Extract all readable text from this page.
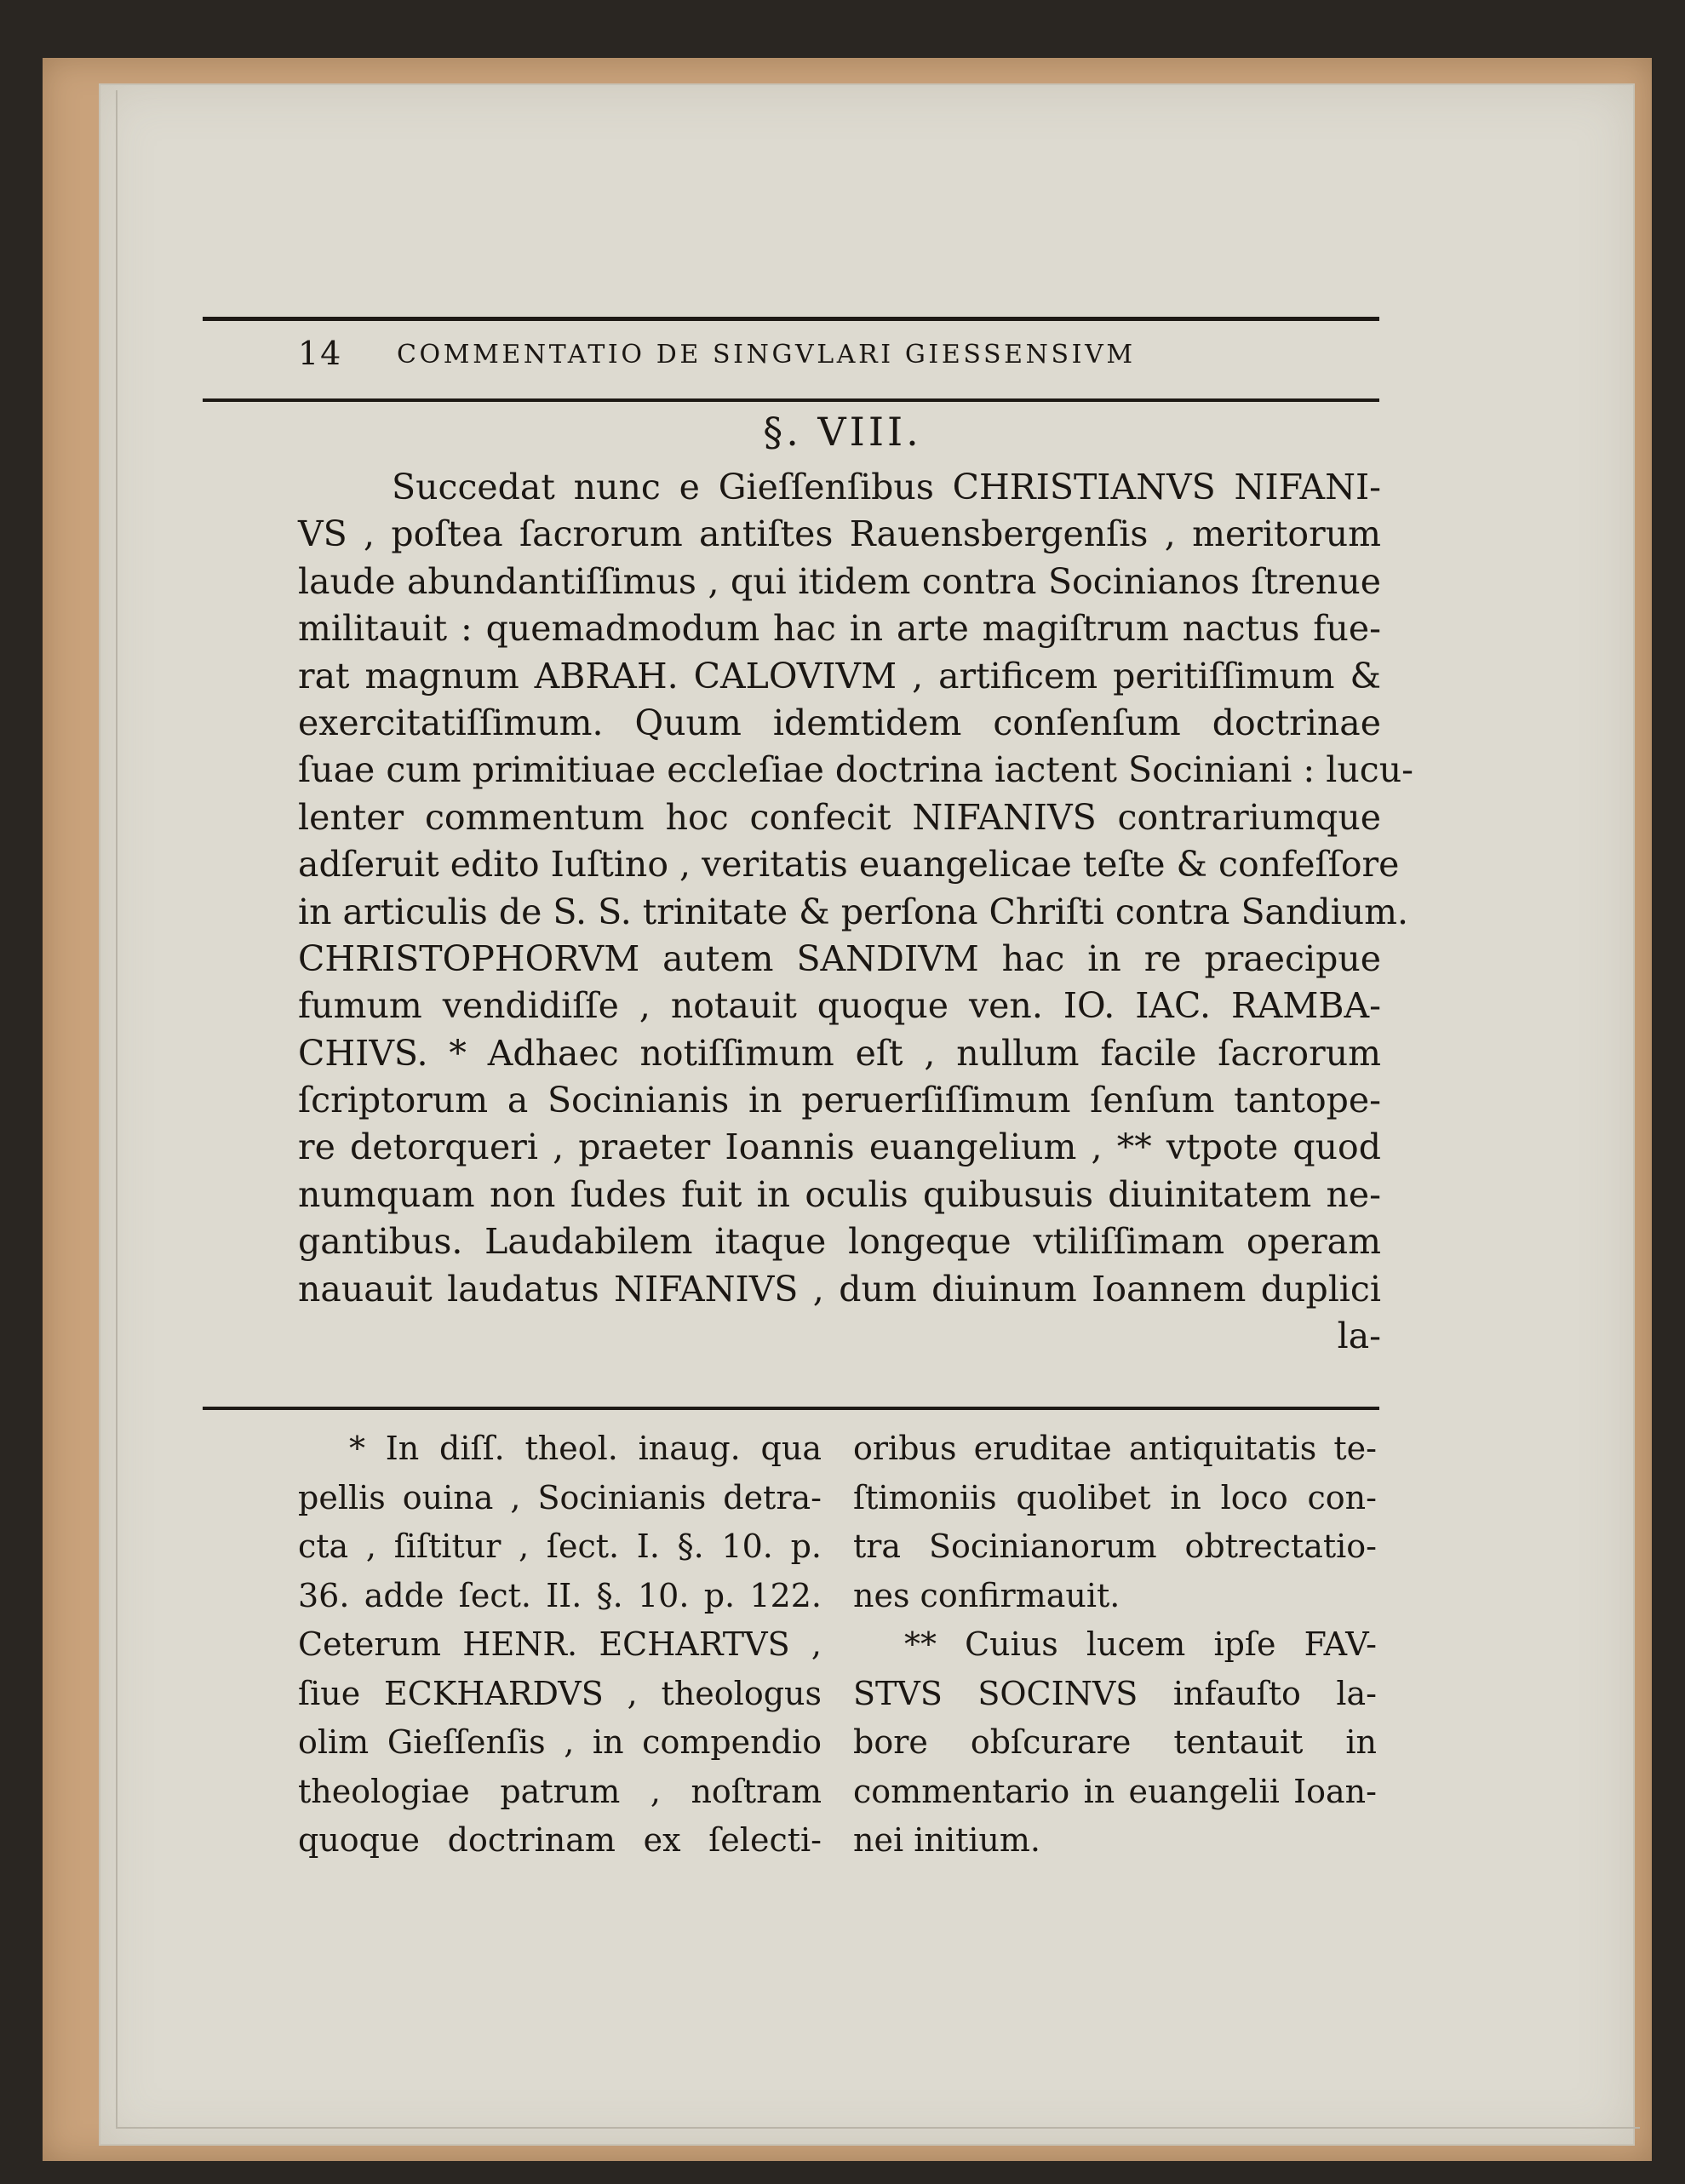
14 COMMENTATIO DE SINGVLARI GIESSENSIVM
§. VIII.
Succedat nunc e Gieſſenſibus CHRISTIANVS NIFANI-
VS , poſtea ſacrorum antiſtes Rauensbergenſis , meritorum
laude abundantiſſimus , qui itidem contra Socinianos ſtrenue
militauit : quemadmodum hac in arte magiſtrum nactus fue-
rat magnum ABRAH. CALOVIVM , artificem peritiſſimum &
exercitatiſſimum. Quum idemtidem conſenſum doctrinae
ſuae cum primitiuae eccleſiae doctrina iactent Sociniani : lucu-
lenter commentum hoc confecit NIFANIVS contrariumque
adſeruit edito Iuſtino , veritatis euangelicae teſte & confeſſore
in articulis de S. S. trinitate & perſona Chriſti contra Sandium.
CHRISTOPHORVM autem SANDIVM hac in re praecipue
fumum vendidiſſe , notauit quoque ven. IO. IAC. RAMBA-
CHIVS. * Adhaec notiſſimum eſt , nullum facile ſacrorum
ſcriptorum a Socinianis in peruerſiſſimum ſenſum tantope-
re detorqueri , praeter Ioannis euangelium , ** vtpote quod
numquam non ſudes fuit in oculis quibusuis diuinitatem ne-
gantibus. Laudabilem itaque longeque vtiliſſimam operam
nauauit laudatus NIFANIVS , dum diuinum Ioannem duplici
la-
* In diſſ. theol. inaug. qua
pellis ouina , Socinianis detra-
cta , ſiſtitur , ſect. I. §. 10. p.
36. adde ſect. II. §. 10. p. 122.
Ceterum HENR. ECHARTVS ,
ſiue ECKHARDVS , theologus
olim Gieſſenſis , in compendio
theologiae patrum , noſtram
quoque doctrinam ex ſelecti-
oribus eruditae antiquitatis te-
ſtimoniis quolibet in loco con-
tra Socinianorum obtrectatio-
nes confirmauit.
** Cuius lucem ipſe FAV-
STVS SOCINVS infauſto la-
bore obſcurare tentauit in
commentario in euangelii Ioan-
nei initium.
